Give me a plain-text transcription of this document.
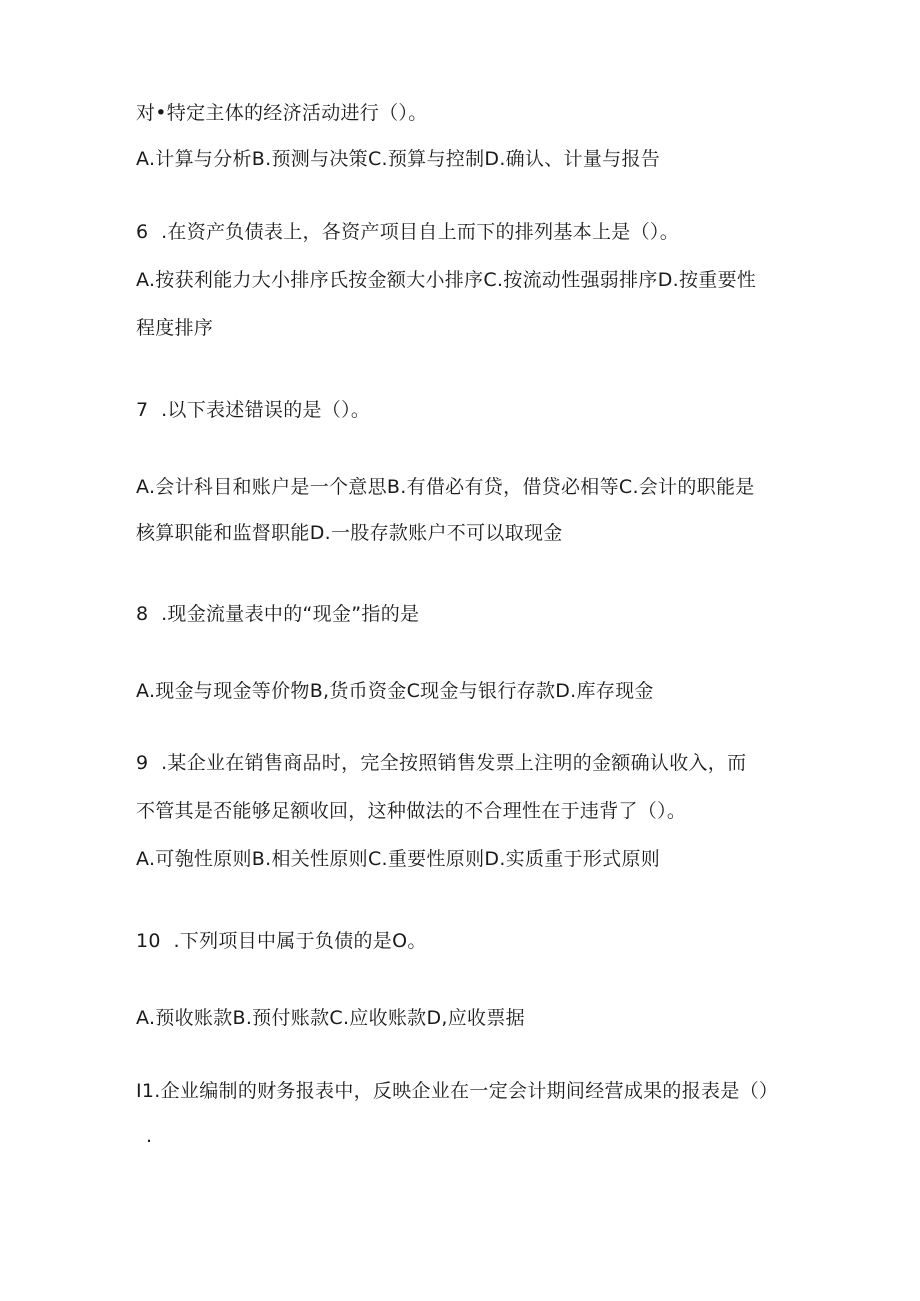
对•特定主体的经济活动进行（）。
A.计算与分析B.预测与决策C.预算与控制D.确认、计量与报告
6  .在资产负债表上，各资产项目自上而下的排列基本上是（）。
A.按获利能力大小排序氏按金额大小排序C.按流动性强弱排序D.按重要性
程度排序
7  .以下表述错误的是（）。
A.会计科目和账户是一个意思B.有借必有贷，借贷必相等C.会计的职能是
核算职能和监督职能D.一股存款账户不可以取现金
8  .现金流量表中的“现金”指的是
A.现金与现金等价物B,货币资金C现金与银行存款D.库存现金
9  .某企业在销售商品时，完全按照销售发票上注明的金额确认收入，而
不管其是否能够足额收回，这种做法的不合理性在于违背了（）。
A.可匏性原则B.相关性原则C.重要性原则D.实质重于形式原则
10  .下列项目中属于负债的是O。
A.预收账款B.预付账款C.应收账款D,应收票据
I1.企业编制的财务报表中，反映企业在一定会计期间经营成果的报表是（）
.
